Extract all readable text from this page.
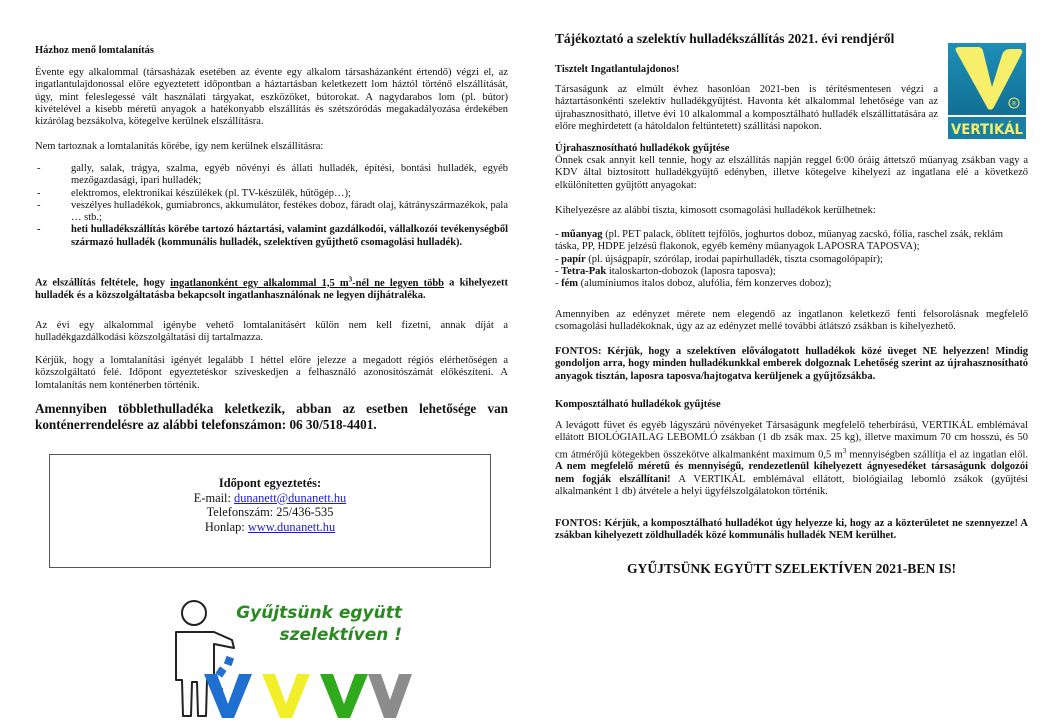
Házhoz menő lomtalanítás

Évente egy alkalommal (társasházak esetében az évente egy alkalom társasházanként értendő) végzi el, az ingatlantulajdonossal előre egyeztetett időpontban a háztartásban keletkezett lom háztól történő elszállítását, úgy, mint feleslegessé vált használati tárgyakat, eszközöket, bútorokat. A nagydarabos lom (pl. bútor) kivételével a kisebb méretű anyagok a hatékonyabb elszállítás és szétszóródás megakadályozása érdekében kizárólag bezsákolva, kötegelve kerülnek elszállításra.

Nem tartoznak a lomtalanítás körébe, így nem kerülnek elszállításra:

- gally, salak, trágya, szalma, egyéb növényi és állati hulladék, építési, bontási hulladék, egyéb mezőgazdasági, ipari hulladék;
- elektromos, elektronikai készülékek (pl. TV-készülék, hűtőgép…);
- veszélyes hulladékok, gumiabroncs, akkumulátor, festékes doboz, fáradt olaj, kátrányszármazékok, pala … stb.;
- heti hulladékszállítás körébe tartozó háztartási, valamint gazdálkodói, vállalkozói tevékenységből származó hulladék (kommunális hulladék, szelektíven gyűjthető csomagolási hulladék).

Az elszállítás feltétele, hogy ingatlanonként egy alkalommal 1,5 $m^3$-nél ne legyen több a kihelyezett hulladék és a közszolgáltatásba bekapcsolt ingatlanhasználónak ne legyen díjhátraléka.

Az évi egy alkalommal igénybe vehető lomtalanításért külön nem kell fizetni, annak díját a hulladékgazdálkodási közszolgáltatási díj tartalmazza.

Kérjük, hogy a lomtalanítási igényét legalább 1 héttel előre jelezze a megadott régiós elérhetőségen a közszolgáltató felé. Időpont egyeztetéskor szíveskedjen a felhasználó azonosítószámát előkészíteni. A lomtalanítás nem konténerben történik.

Amennyiben többlethulladéka keletkezik, abban az esetben lehetősége van konténerrendelésre az alábbi telefonszámon: 06 30/518-4401.

Időpont egyeztetés:
E-mail: dunanett@dunanett.hu
Telefonszám: 25/436-535
Honlap: www.dunanett.hu
Gyűjtsünk együtt
szelektíven !

Tájékoztató a szelektív hulladékszállítás 2021. évi rendjéről

Tisztelt Ingatlantulajdonos!

Társaságunk az elmúlt évhez hasonlóan 2021-ben is térítésmentesen végzi a háztartásonkénti szelektív hulladékgyűjtést. Havonta két alkalommal lehetősége van az újrahasznosítható, illetve évi 10 alkalommal a komposztálható hulladék elszállíttatására az előre meghirdetett (a hátoldalon feltüntetett) szállítási napokon.

Újrahasznosítható hulladékok gyűjtése

Önnek csak annyit kell tennie, hogy az elszállítás napján reggel 6:00 óráig áttetsző műanyag zsákban vagy a KDV által biztosított hulladékgyűjtő edényben, illetve kötegelve kihelyezi az ingatlana elé a következő elkülönítetten gyűjtött anyagokat:

Kihelyezésre az alábbi tiszta, kimosott csomagolási hulladékok kerülhetnek:

- műanyag (pl. PET palack, öblített tejfölös, joghurtos doboz, műanyag zacskó, fólia, raschel zsák, reklám táska, PP, HDPE jelzésű flakonok, egyéb kemény műanyagok LAPOSRA TAPOSVA);
- papír (pl. újságpapír, szórólap, irodai papírhulladék, tiszta csomagolópapír);
- Tetra-Pak italoskarton-dobozok (laposra taposva);
- fém (alumíniumos italos doboz, alufólia, fém konzerves doboz);

Amennyiben az edényzet mérete nem elegendő az ingatlanon keletkező fenti felsorolásnak megfelelő csomagolási hulladékoknak, úgy az az edényzet mellé további átlátszó zsákban is kihelyezhető.

FONTOS: Kérjük, hogy a szelektíven előválogatott hulladékok közé üveget NE helyezzen! Mindig gondoljon arra, hogy minden hulladékunkkal emberek dolgoznak Lehetőség szerint az újrahasznosítható anyagok tisztán, laposra taposva/hajtogatva kerüljenek a gyűjtőzsákba.

Komposztálható hulladékok gyűjtése

A levágott füvet és egyéb lágyszárú növényeket Társaságunk megfelelő teherbírású, VERTIKÁL emblémával ellátott BIOLÓGIAILAG LEBOMLÓ zsákban (1 db zsák max. 25 kg), illetve maximum 70 cm hosszú, és 50 cm átmérőjű kötegekben összekötve alkalmanként maximum 0,5 $m^3$ mennyiségben szállítja el az ingatlan elől. A nem megfelelő méretű és mennyiségű, rendezetlenül kihelyezett ágnyesedéket társaságunk dolgozói nem fogják elszállítani! A VERTIKÁL emblémával ellátott, biológiailag lebomló zsákok (gyűjtési alkalmanként 1 db) átvétele a helyi ügyfélszolgálatokon történik.

FONTOS: Kérjük, a komposztálható hulladékot úgy helyezze ki, hogy az a közterületet ne szennyezze! A zsákban kihelyezett zöldhulladék közé kommunális hulladék NEM kerülhet.

GYŰJTSÜNK EGYÜTT SZELEKTÍVEN 2021-BEN IS!

®
VERTIKÁL
